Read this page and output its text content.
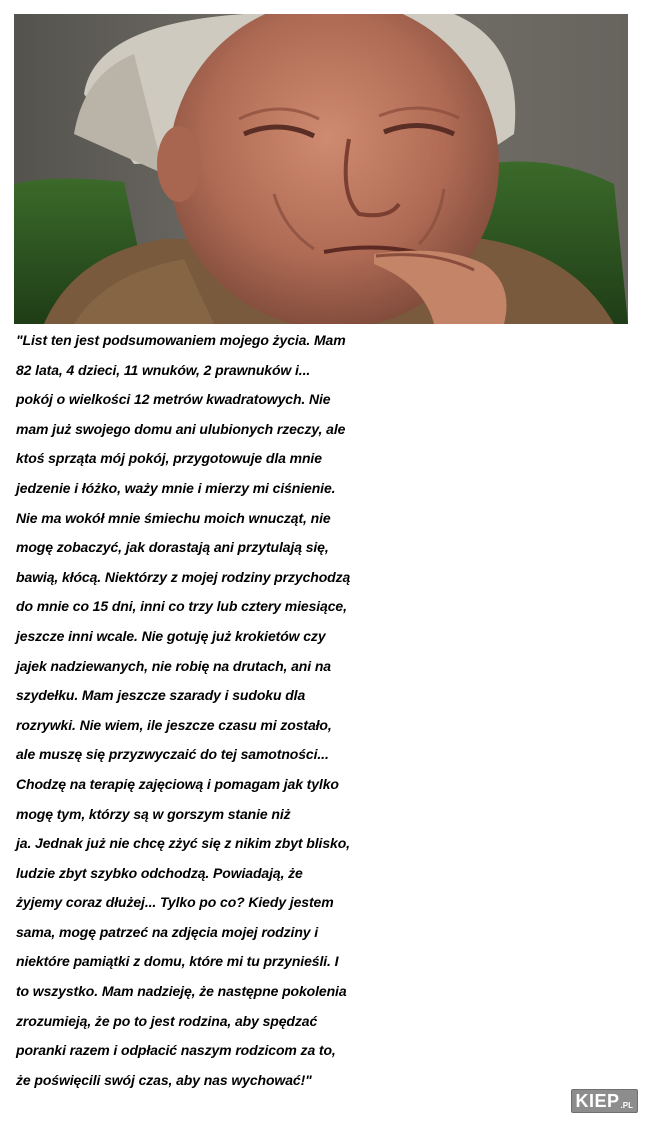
"List ten jest podsumowaniem mojego życia. Mam
82 lata, 4 dzieci, 11 wnuków, 2 prawnuków i...
pokój o wielkości 12 metrów kwadratowych. Nie
mam już swojego domu ani ulubionych rzeczy, ale
ktoś sprząta mój pokój, przygotowuje dla mnie
jedzenie i łóżko, waży mnie i mierzy mi ciśnienie.
Nie ma wokół mnie śmiechu moich wnucząt, nie
mogę zobaczyć, jak dorastają ani przytulają się,
bawią, kłócą. Niektórzy z mojej rodziny przychodzą
do mnie co 15 dni, inni co trzy lub cztery miesiące,
jeszcze inni wcale. Nie gotuję już krokietów czy
jajek nadziewanych, nie robię na drutach, ani na
szydełku. Mam jeszcze szarady i sudoku dla
rozrywki. Nie wiem, ile jeszcze czasu mi zostało,
ale muszę się przyzwyczaić do tej samotności...
Chodzę na terapię zajęciową i pomagam jak tylko
mogę tym, którzy są w gorszym stanie niż
ja. Jednak już nie chcę zżyć się z nikim zbyt blisko,
ludzie zbyt szybko odchodzą. Powiadają, że
żyjemy coraz dłużej... Tylko po co? Kiedy jestem
sama, mogę patrzeć na zdjęcia mojej rodziny i
niektóre pamiątki z domu, które mi tu przynieśli. I
to wszystko. Mam nadzieję, że następne pokolenia
zrozumieją, że po to jest rodzina, aby spędzać
poranki razem i odpłacić naszym rodzicom za to,
że poświęcili swój czas, aby nas wychować!"
KIEP .PL
